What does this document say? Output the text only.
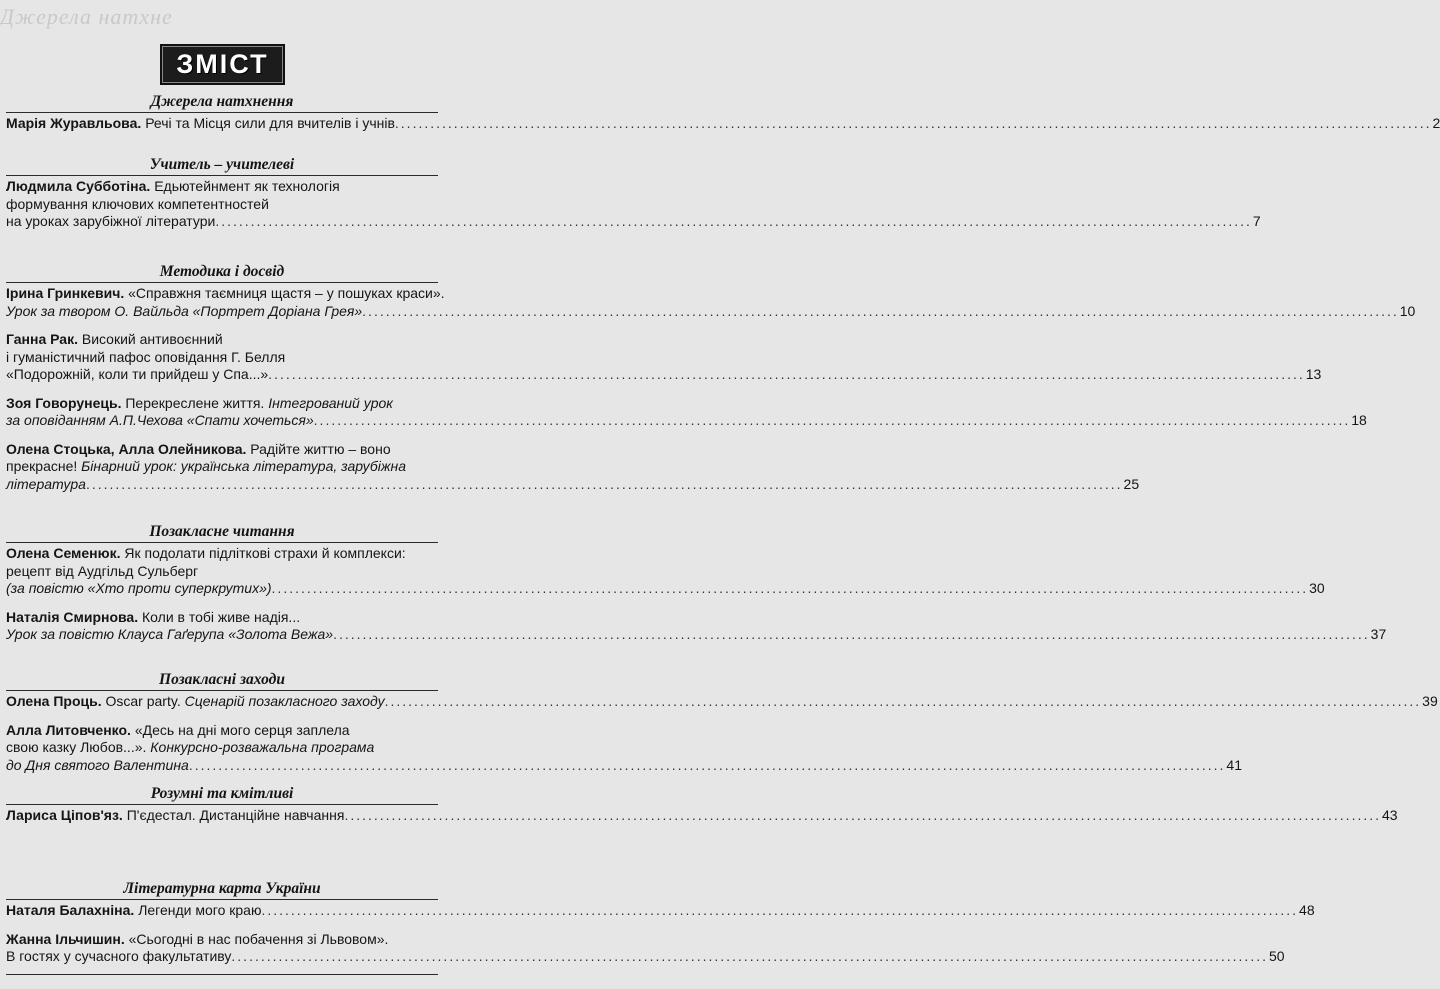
Джерела натхне
ЗМІСТ
Джерела натхнення
Марія Журавльова. Речі та Місця сили для вчителів і учнів .....	2
Учитель – учителеві
Людмила Субботіна. Едьютейнмент як технологія
формування ключових компетентностей
на уроках зарубіжної літератури .....	7
Методика і досвід
Ірина Гринкевич. «Справжня таємниця щастя – у пошуках краси».
Урок за твором О. Вайльда «Портрет Доріана Грея» .....	10
Ганна Рак. Високий антивоєнний
і гуманістичний пафос оповідання Г. Белля
«Подорожній, коли ти прийдеш у Спа...» .....	13
Зоя Говорунець. Перекреслене життя. Інтегрований урок
за оповіданням А.П.Чехова «Спати хочеться» .....	18
Олена Стоцька, Алла Олейникова. Радійте життю – воно
прекрасне! Бінарний урок: українська література, зарубіжна
література .....	25
Позакласне читання
Олена Семенюк. Як подолати підліткові страхи й комплекси:
рецепт від Аудгільд Сульберг
(за повістю «Хто проти суперкрутих») .....	30
Наталія Смирнова. Коли в тобі живе надія...
Урок за повістю Клауса Гаґерупа «Золота Вежа» .....	37
Позакласні заходи
Олена Проць. Oscar party. Сценарій позакласного заходу .....	39
Алла Литовченко. «Десь на дні мого серця заплела
свою казку Любов...». Конкурсно-розважальна програма
до Дня святого Валентина .....	41
Розумні та кмітливі
Лариса Ціпов'яз. П'єдестал. Дистанційне навчання .....	43
Літературна карта України
Наталя Балахніна. Легенди мого краю .....	48
Жанна Ільчишин. «Сьогодні в нас побачення зі Львовом».
В гостях у сучасного факультативу .....	50
